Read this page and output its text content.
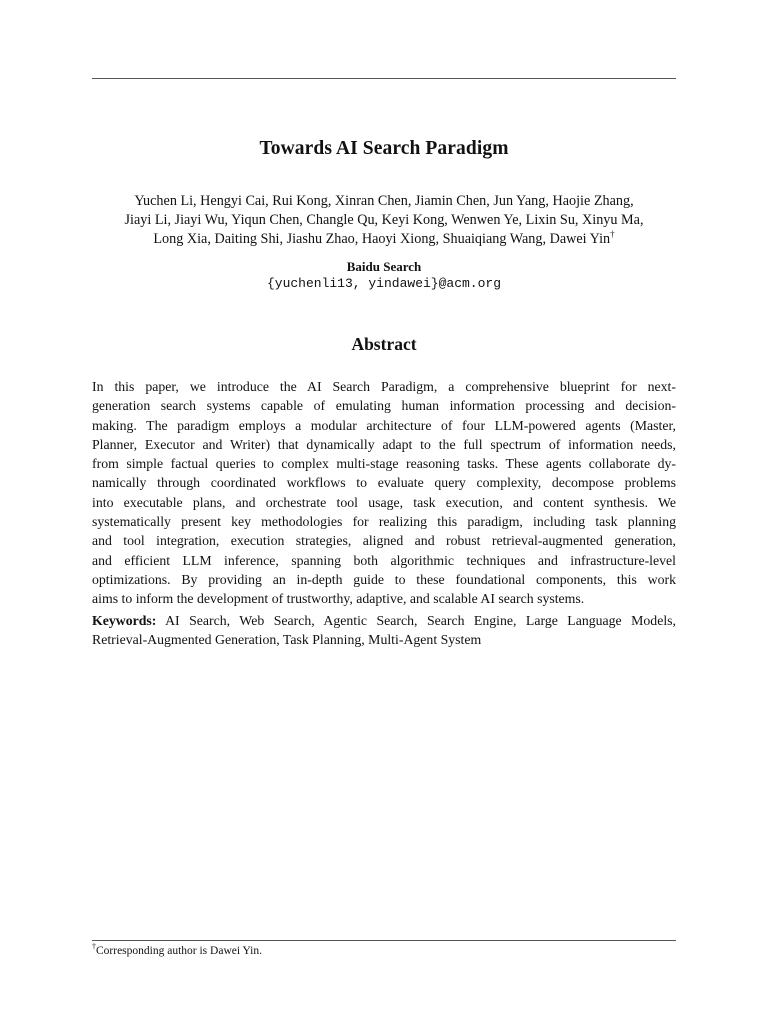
Towards AI Search Paradigm
Yuchen Li, Hengyi Cai, Rui Kong, Xinran Chen, Jiamin Chen, Jun Yang, Haojie Zhang,
Jiayi Li, Jiayi Wu, Yiqun Chen, Changle Qu, Keyi Kong, Wenwen Ye, Lixin Su, Xinyu Ma,
Long Xia, Daiting Shi, Jiashu Zhao, Haoyi Xiong, Shuaiqiang Wang, Dawei Yin†
Baidu Search
{yuchenli13, yindawei}@acm.org
Abstract
In this paper, we introduce the AI Search Paradigm, a comprehensive blueprint for next-
generation search systems capable of emulating human information processing and decision-
making. The paradigm employs a modular architecture of four LLM-powered agents (Master,
Planner, Executor and Writer) that dynamically adapt to the full spectrum of information needs,
from simple factual queries to complex multi-stage reasoning tasks. These agents collaborate dy-
namically through coordinated workflows to evaluate query complexity, decompose problems
into executable plans, and orchestrate tool usage, task execution, and content synthesis. We
systematically present key methodologies for realizing this paradigm, including task planning
and tool integration, execution strategies, aligned and robust retrieval-augmented generation,
and efficient LLM inference, spanning both algorithmic techniques and infrastructure-level
optimizations. By providing an in-depth guide to these foundational components, this work
aims to inform the development of trustworthy, adaptive, and scalable AI search systems.
Keywords: AI Search, Web Search, Agentic Search, Search Engine, Large Language Models,
Retrieval-Augmented Generation, Task Planning, Multi-Agent System
†Corresponding author is Dawei Yin.
